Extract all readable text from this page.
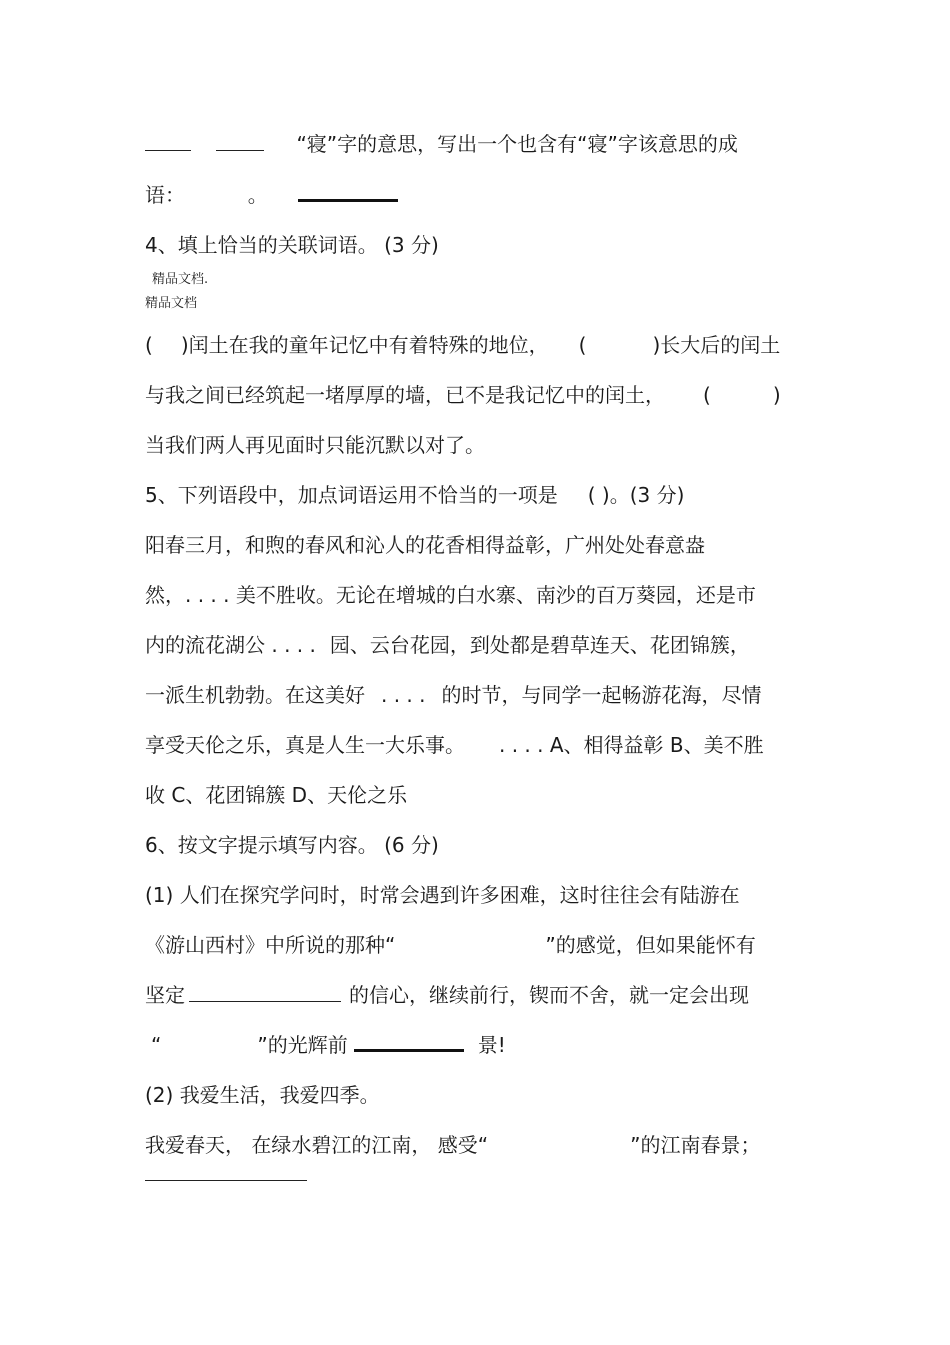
“寝”字的意思，写出一个也含有“寝”字该意思的成
语：	。
4、填上恰当的关联词语。 (3 分)
精品文档.
精品文档
( )闰土在我的童年记忆中有着特殊的地位， (	)长大后的闰土
与我之间已经筑起一堵厚厚的墙，已不是我记忆中的闰土， (	)
当我们两人再见面时只能沉默以对了。
5、下列语段中，加点词语运用不恰当的一项是 ( )。(3 分)
阳春三月，和煦的春风和沁人的花香相得益彰，广州处处春意盎
然，. . . . 美不胜收。无论在增城的白水寨、南沙的百万葵园，还是市
内的流花湖公 . . . . 园、云台花园，到处都是碧草连天、花团锦簇，
一派生机勃勃。在这美好 . . . . 的时节，与同学一起畅游花海，尽情
享受天伦之乐，真是人生一大乐事。 . . . . A、相得益彰 B、美不胜
收 C、花团锦簇 D、天伦之乐
6、按文字提示填写内容。 (6 分)
(1) 人们在探究学问时，时常会遇到许多困难，这时往往会有陆游在
《游山西村》中所说的那种“	”的感觉，但如果能怀有
坚定	的信心，继续前行，锲而不舍，就一定会出现
“	”的光辉前	景!
(2) 我爱生活，我爱四季。
我爱春天， 在绿水碧江的江南， 感受“	”的江南春景；
